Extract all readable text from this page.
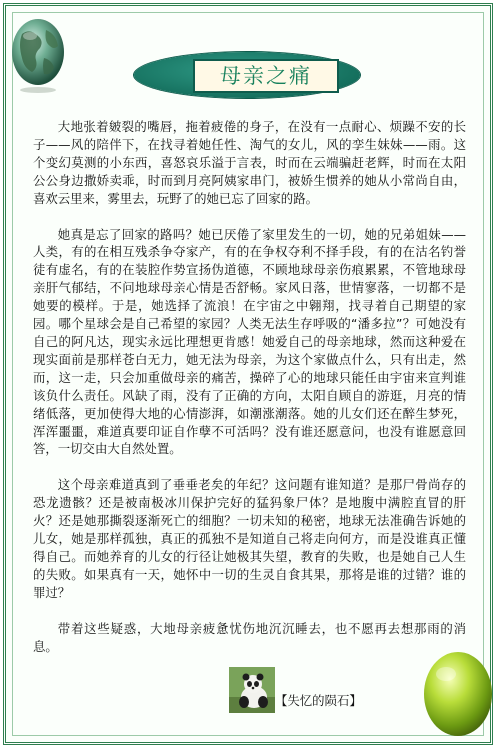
母亲之痛

大地张着皴裂的嘴唇，拖着疲倦的身子，在没有一点耐心、烦躁不安的长子——风的陪伴下，在找寻着她任性、淘气的女儿，风的孪生妹妹——雨。这个变幻莫测的小东西，喜怒哀乐溢于言表，时而在云端骗赶老辉，时而在太阳公公身边撒娇卖乖，时而到月亮阿姨家串门，被娇生惯养的她从小常尚自由，喜欢云里来，雾里去，玩野了的她已忘了回家的路。

她真是忘了回家的路吗？她已厌倦了家里发生的一切，她的兄弟姐妹——人类，有的在相互残杀争夺家产，有的在争权夺利不择手段，有的在沽名钓誉徒有虚名，有的在装腔作势宣扬伪道德，不顾地球母亲伤痕累累，不管地球母亲肝气郁结，不问地球母亲心情是否舒畅。家风日落，世情寥落，一切都不是她要的模样。于是，她选择了流浪！在宇宙之中翱翔，找寻着自己期望的家园。哪个星球会是自己希望的家园？人类无法生存呼吸的“潘多拉”？可她没有自己的阿凡达，现实永远比理想更肯感！她爱自己的母亲地球，然而这种爱在现实面前是那样苍白无力，她无法为母亲，为这个家做点什么，只有出走，然而，这一走，只会加重做母亲的痛苦，操碎了心的地球只能任由宇宙来宣判谁该负什么责任。风缺了雨，没有了正确的方向，太阳自顾自的游逛，月亮的情绪低落，更加使得大地的心情澎湃，如潮涨潮落。她的儿女们还在醉生梦死，浑浑噩噩，难道真要印证自作孽不可活吗？没有谁还愿意问，也没有谁愿意回答，一切交由大自然处置。

这个母亲难道真到了垂垂老矣的年纪？这问题有谁知道？是那尸骨尚存的恐龙遗骸？还是被南极冰川保护完好的猛犸象尸体？是地腹中满腔直冒的肝火？还是她那撕裂逐渐死亡的细胞？一切未知的秘密，地球无法准确告诉她的儿女，她是那样孤独，真正的孤独不是知道自己将走向何方，而是没谁真正懂得自己。而她养育的儿女的行径让她极其失望，教育的失败，也是她自己人生的失败。如果真有一天，她怀中一切的生灵自食其果，那将是谁的过错？谁的罪过？

带着这些疑惑，大地母亲疲惫忧伤地沉沉睡去，也不愿再去想那雨的消息。

【失忆的陨石】
